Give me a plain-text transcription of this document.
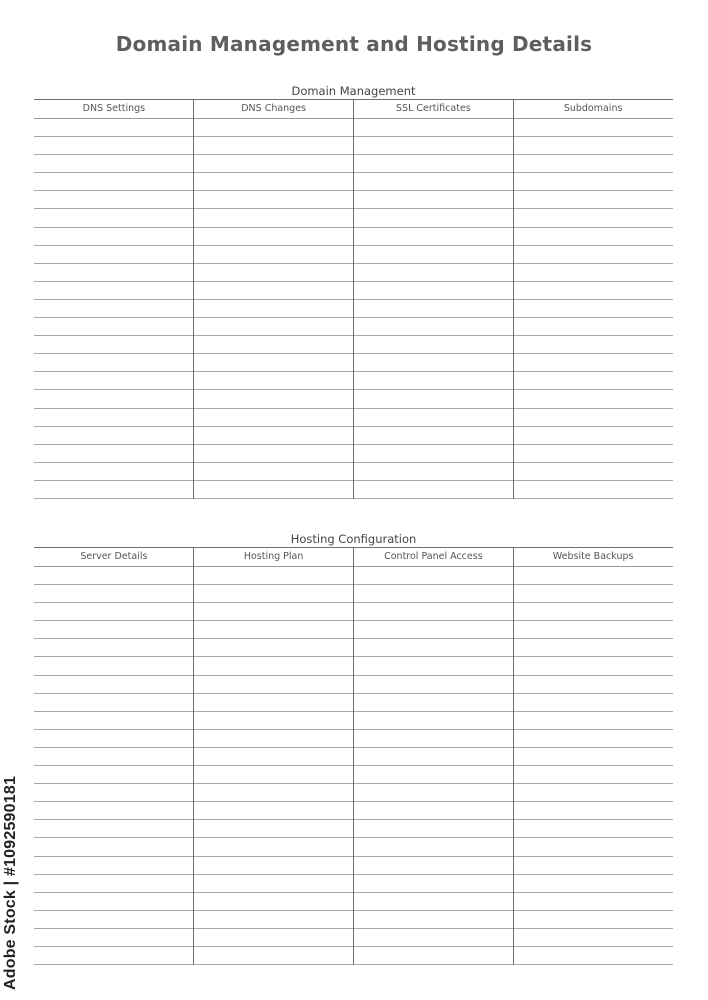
Domain Management and Hosting Details
Domain Management
DNS Settings	DNS Changes	SSL Certificates	Subdomains
Hosting Configuration
Server Details	Hosting Plan	Control Panel Access	Website Backups
Adobe Stock | #1092590181
